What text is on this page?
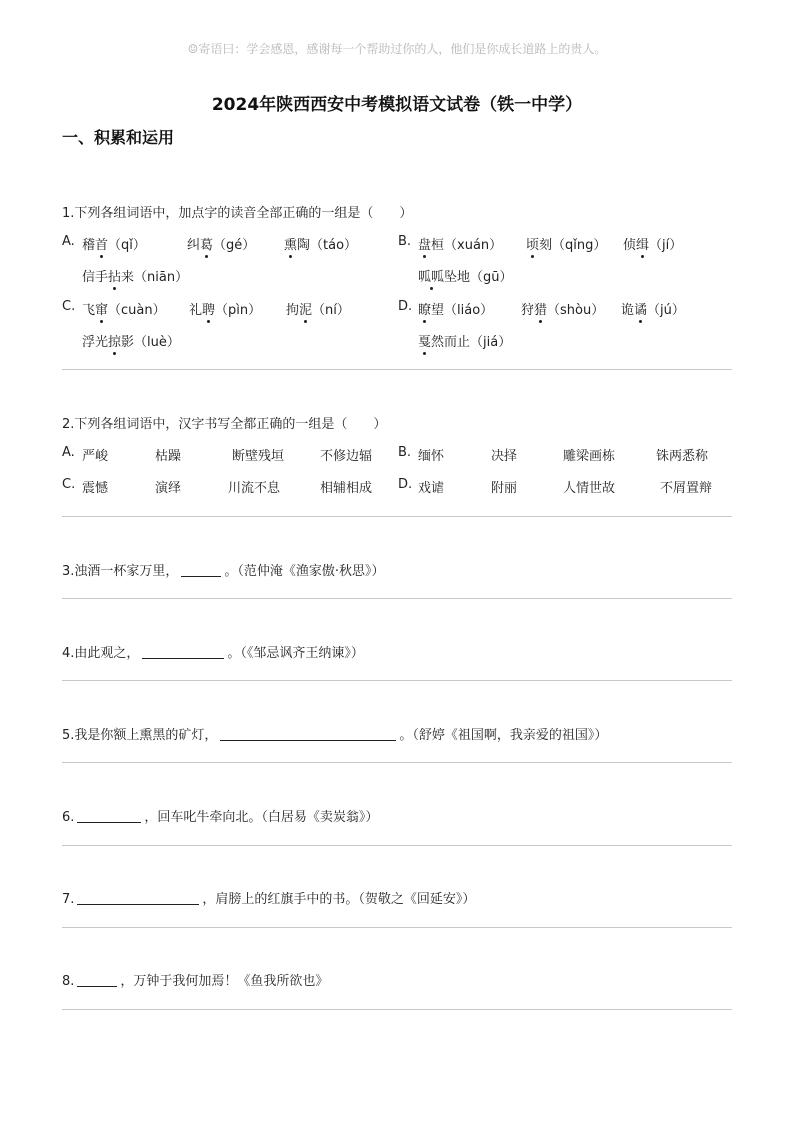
☺寄语曰：学会感恩，感谢每一个帮助过你的人，他们是你成长道路上的贵人。
2024年陕西西安中考模拟语文试卷（铁一中学）
一、积累和运用
1.下列各组词语中，加点字的读音全部正确的一组是（　　）
A. 稽首（qǐ）	纠葛（gé） 熏陶（táo）
信手拈来（niān）
B. 盘桓（xuán） 顷刻（qǐng） 侦缉（jí）
呱呱坠地（gū）
C. 飞窜（cuàn） 礼聘（pìn） 拘泥（ní）
浮光掠影（luè）
D. 瞭望（liáo） 狩猎（shòu） 诡谲（jú）
戛然而止（jiá）
2.下列各组词语中，汉字书写全都正确的一组是（　　）
A. 严峻	枯躁	断壁残垣	不修边辐 B. 缅怀	决择	雕梁画栋	铢两悉称
C. 震憾	演绎	川流不息	相辅相成 D. 戏谑	附丽	人情世故	不屑置辩
3.浊酒一杯家万里，	。（范仲淹《渔家傲·秋思》）
4.由此观之，	。（《邹忌讽齐王纳谏》）
5.我是你额上熏黑的矿灯，	。（舒婷《祖国啊，我亲爱的祖国》）
6.	，回车叱牛牵向北。（白居易《卖炭翁》）
7.	，肩膀上的红旗手中的书。（贺敬之《回延安》）
8.	，万钟于我何加焉！《鱼我所欲也》
